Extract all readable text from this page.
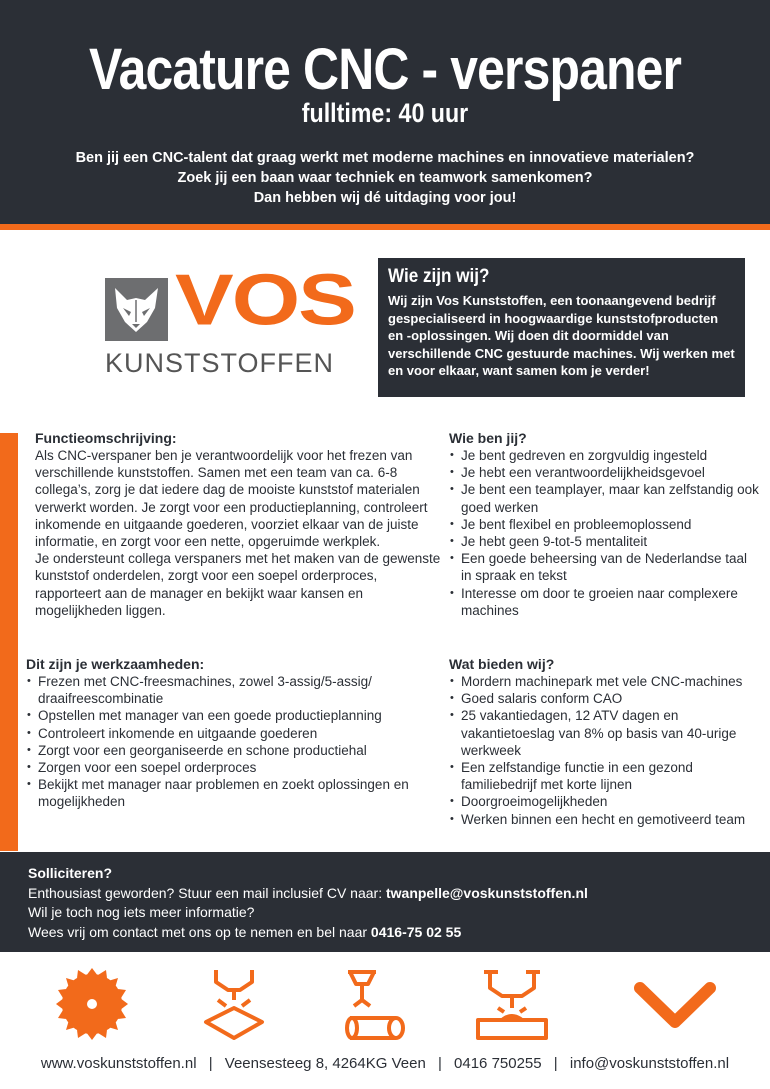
Vacature CNC - verspaner
fulltime: 40 uur
Ben jij een CNC-talent dat graag werkt met moderne machines en innovatieve materialen?
Zoek jij een baan waar techniek en teamwork samenkomen?
Dan hebben wij dé uitdaging voor jou!
VOS
KUNSTSTOFFEN
Wie zijn wij?
Wij zijn Vos Kunststoffen, een toonaangevend bedrijf gespecialiseerd in hoogwaardige kunststofproducten en -oplossingen. Wij doen dit doormiddel van verschillende CNC gestuurde machines. Wij werken met en voor elkaar, want samen kom je verder!
Functieomschrijving:
Als CNC-verspaner ben je verantwoordelijk voor het frezen van verschillende kunststoffen. Samen met een team van ca. 6-8 collega’s, zorg je dat iedere dag de mooiste kunststof materialen verwerkt worden. Je zorgt voor een productieplanning, controleert inkomende en uitgaande goederen, voorziet elkaar van de juiste informatie, en zorgt voor een nette, opgeruimde werkplek.
Je ondersteunt collega verspaners met het maken van de gewenste kunststof onderdelen, zorgt voor een soepel orderproces, rapporteert aan de manager en bekijkt waar kansen en mogelijkheden liggen.
Dit zijn je werkzaamheden:
• Frezen met CNC-freesmachines, zowel 3-assig/5-assig/ draaifreescombinatie
• Opstellen met manager van een goede productieplanning
• Controleert inkomende en uitgaande goederen
• Zorgt voor een georganiseerde en schone productiehal
• Zorgen voor een soepel orderproces
• Bekijkt met manager naar problemen en zoekt oplossingen en mogelijkheden
Wie ben jij?
• Je bent gedreven en zorgvuldig ingesteld
• Je hebt een verantwoordelijkheidsgevoel
• Je bent een teamplayer, maar kan zelfstandig ook goed werken
• Je bent flexibel en probleemoplossend
• Je hebt geen 9-tot-5 mentaliteit
• Een goede beheersing van de Nederlandse taal in spraak en tekst
• Interesse om door te groeien naar complexere machines
Wat bieden wij?
• Mordern machinepark met vele CNC-machines
• Goed salaris conform CAO
• 25 vakantiedagen, 12 ATV dagen en vakantietoeslag van 8% op basis van 40-urige werkweek
• Een zelfstandige functie in een gezond familiebedrijf met korte lijnen
• Doorgroeimogelijkheden
• Werken binnen een hecht en gemotiveerd team
Solliciteren?
Enthousiast geworden? Stuur een mail inclusief CV naar: twanpelle@voskunststoffen.nl
Wil je toch nog iets meer informatie?
Wees vrij om contact met ons op te nemen en bel naar 0416-75 02 55
www.voskunststoffen.nl | Veensesteeg 8, 4264KG Veen | 0416 750255 | info@voskunststoffen.nl
